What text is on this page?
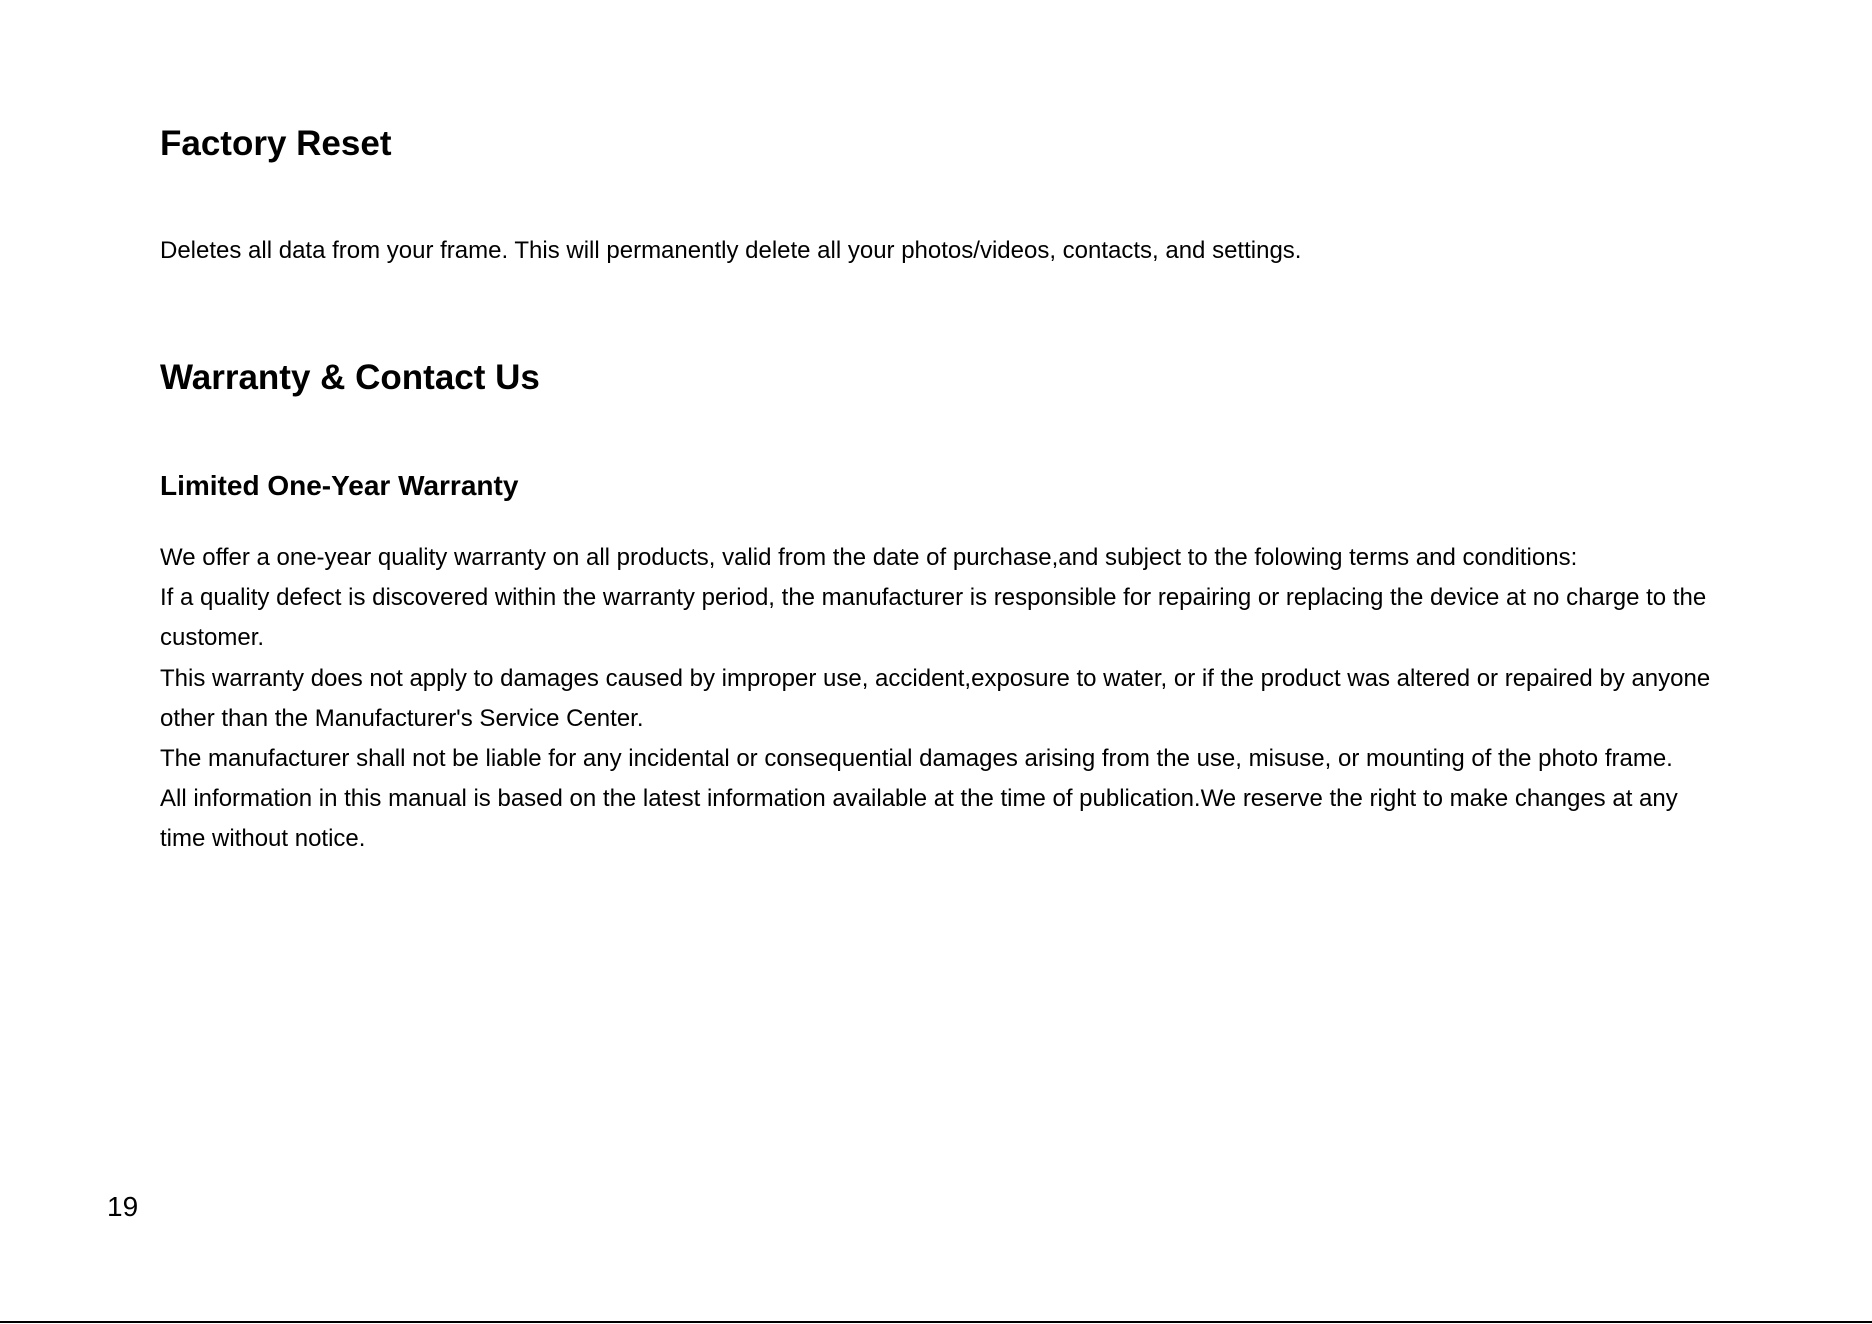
Factory Reset

Deletes all data from your frame. This will permanently delete all your photos/videos, contacts, and settings.

Warranty & Contact Us
Limited One-Year Warranty

We offer a one-year quality warranty on all products, valid from the date of purchase,and subject to the folowing terms and conditions:

If a quality defect is discovered within the warranty period, the manufacturer is responsible for repairing or replacing the device at no charge to the customer.

This warranty does not apply to damages caused by improper use, accident,exposure to water, or if the product was altered or repaired by anyone other than the Manufacturer's Service Center.

The manufacturer shall not be liable for any incidental or consequential damages arising from the use, misuse, or mounting of the photo frame.

All information in this manual is based on the latest information available at the time of publication.We reserve the right to make changes at any time without notice.

19
